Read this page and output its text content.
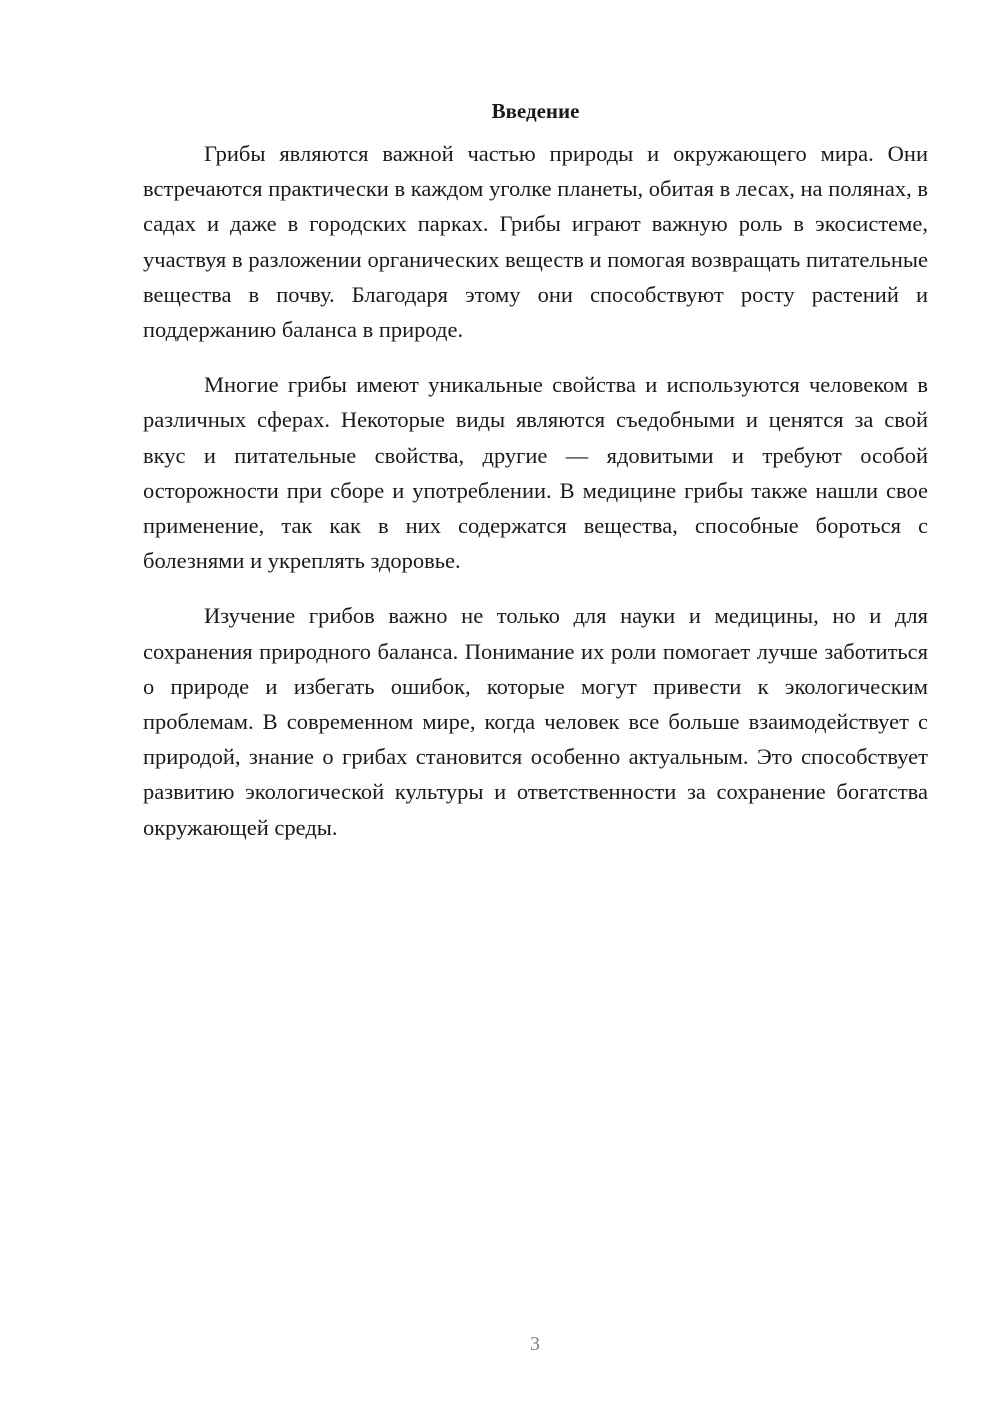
Введение

Грибы являются важной частью природы и окружающего мира. Они встречаются практически в каждом уголке планеты, обитая в лесах, на полянах, в садах и даже в городских парках. Грибы играют важную роль в экосистеме, участвуя в разложении органических веществ и помогая возвращать питательные вещества в почву. Благодаря этому они способствуют росту растений и поддержанию баланса в природе.

Многие грибы имеют уникальные свойства и используются человеком в различных сферах. Некоторые виды являются съедобными и ценятся за свой вкус и питательные свойства, другие — ядовитыми и требуют особой осторожности при сборе и употреблении. В медицине грибы также нашли свое применение, так как в них содержатся вещества, способные бороться с болезнями и укреплять здоровье.

Изучение грибов важно не только для науки и медицины, но и для сохранения природного баланса. Понимание их роли помогает лучше заботиться о природе и избегать ошибок, которые могут привести к экологическим проблемам. В современном мире, когда человек все больше взаимодействует с природой, знание о грибах становится особенно актуальным. Это способствует развитию экологической культуры и ответственности за сохранение богатства окружающей среды.

3
